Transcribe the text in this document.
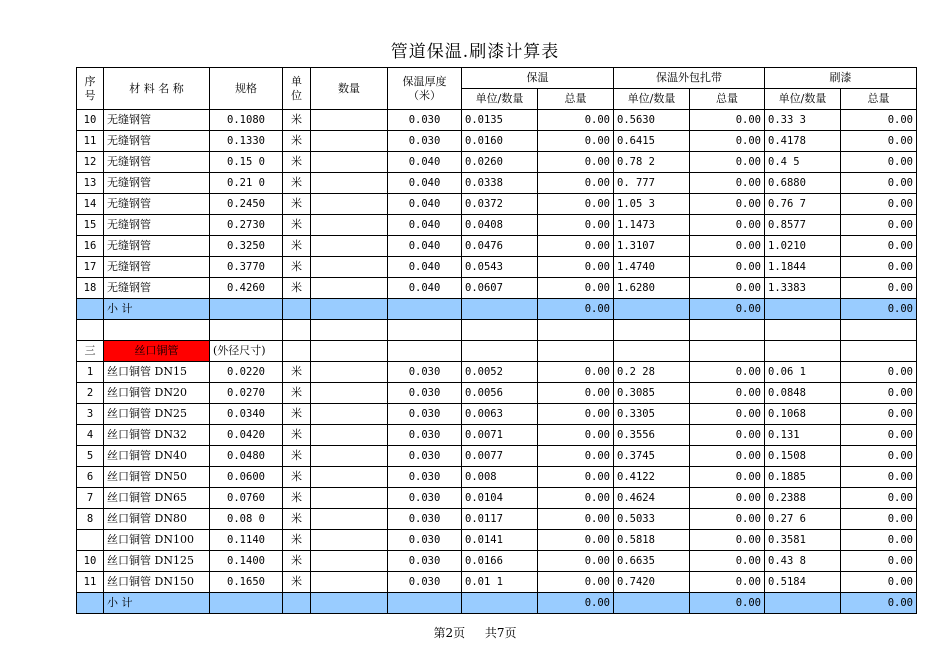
管道保温.刷漆计算表
序号	材 料 名 称	规格	单位	数量	保温厚度（米）	保温		保温外包扎带		刷漆	
						单位/数量	总量	单位/数量	总量	单位/数量	总量
10	无缝钢管	0.1080	米		0.030	0.0135	0.00	0.5630	0.00	0.33 3	0.00
11	无缝钢管	0.1330	米		0.030	0.0160	0.00	0.6415	0.00	0.4178	0.00
12	无缝钢管	0.15 0	米		0.040	0.0260	0.00	0.78 2	0.00	0.4 5	0.00
13	无缝钢管	0.21 0	米		0.040	0.0338	0.00	0. 777	0.00	0.6880	0.00
14	无缝钢管	0.2450	米		0.040	0.0372	0.00	1.05 3	0.00	0.76 7	0.00
15	无缝钢管	0.2730	米		0.040	0.0408	0.00	1.1473	0.00	0.8577	0.00
16	无缝钢管	0.3250	米		0.040	0.0476	0.00	1.3107	0.00	1.0210	0.00
17	无缝钢管	0.3770	米		0.040	0.0543	0.00	1.4740	0.00	1.1844	0.00
18	无缝钢管	0.4260	米		0.040	0.0607	0.00	1.6280	0.00	1.3383	0.00
	小 计						0.00		0.00		0.00

三	丝口铜管	(外径尺寸)									
1	丝口铜管 DN15	0.0220	米		0.030	0.0052	0.00	0.2 28	0.00	0.06 1	0.00
2	丝口铜管 DN20	0.0270	米		0.030	0.0056	0.00	0.3085	0.00	0.0848	0.00
3	丝口铜管 DN25	0.0340	米		0.030	0.0063	0.00	0.3305	0.00	0.1068	0.00
4	丝口铜管 DN32	0.0420	米		0.030	0.0071	0.00	0.3556	0.00	0.131	0.00
5	丝口铜管 DN40	0.0480	米		0.030	0.0077	0.00	0.3745	0.00	0.1508	0.00
6	丝口铜管 DN50	0.0600	米		0.030	0.008	0.00	0.4122	0.00	0.1885	0.00
7	丝口铜管 DN65	0.0760	米		0.030	0.0104	0.00	0.4624	0.00	0.2388	0.00
8	丝口铜管 DN80	0.08 0	米		0.030	0.0117	0.00	0.5033	0.00	0.27 6	0.00
	丝口铜管 DN100	0.1140	米		0.030	0.0141	0.00	0.5818	0.00	0.3581	0.00
10	丝口铜管 DN125	0.1400	米		0.030	0.0166	0.00	0.6635	0.00	0.43 8	0.00
11	丝口铜管 DN150	0.1650	米		0.030	0.01 1	0.00	0.7420	0.00	0.5184	0.00
	小 计						0.00		0.00		0.00
第2页 共7页
